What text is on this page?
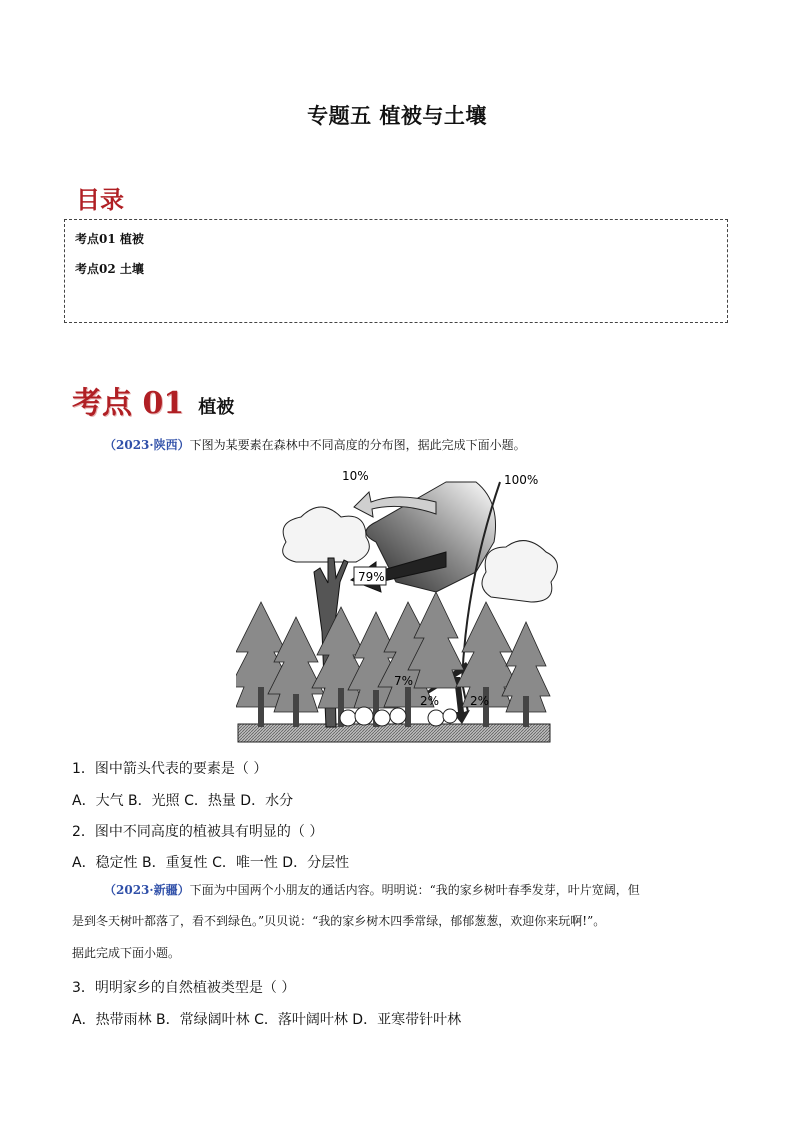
专题五 植被与土壤
目录
考点01 植被
考点02 土壤
考点 01 植被
（2023·陕西）下图为某要素在森林中不同高度的分布图，据此完成下面小题。
10%	100%
79%
7%
2%	2%
1．图中箭头代表的要素是（ ）
A．大气 B．光照 C．热量 D．水分
2．图中不同高度的植被具有明显的（ ）
A．稳定性 B．重复性 C．唯一性 D．分层性
（2023·新疆）下面为中国两个小朋友的通话内容。明明说：“我的家乡树叶春季发芽，叶片宽阔，但
是到冬天树叶都落了，看不到绿色。”贝贝说：“我的家乡树木四季常绿，郁郁葱葱，欢迎你来玩啊!”。
据此完成下面小题。
3．明明家乡的自然植被类型是（ ）
A．热带雨林 B．常绿阔叶林 C．落叶阔叶林 D．亚寒带针叶林
